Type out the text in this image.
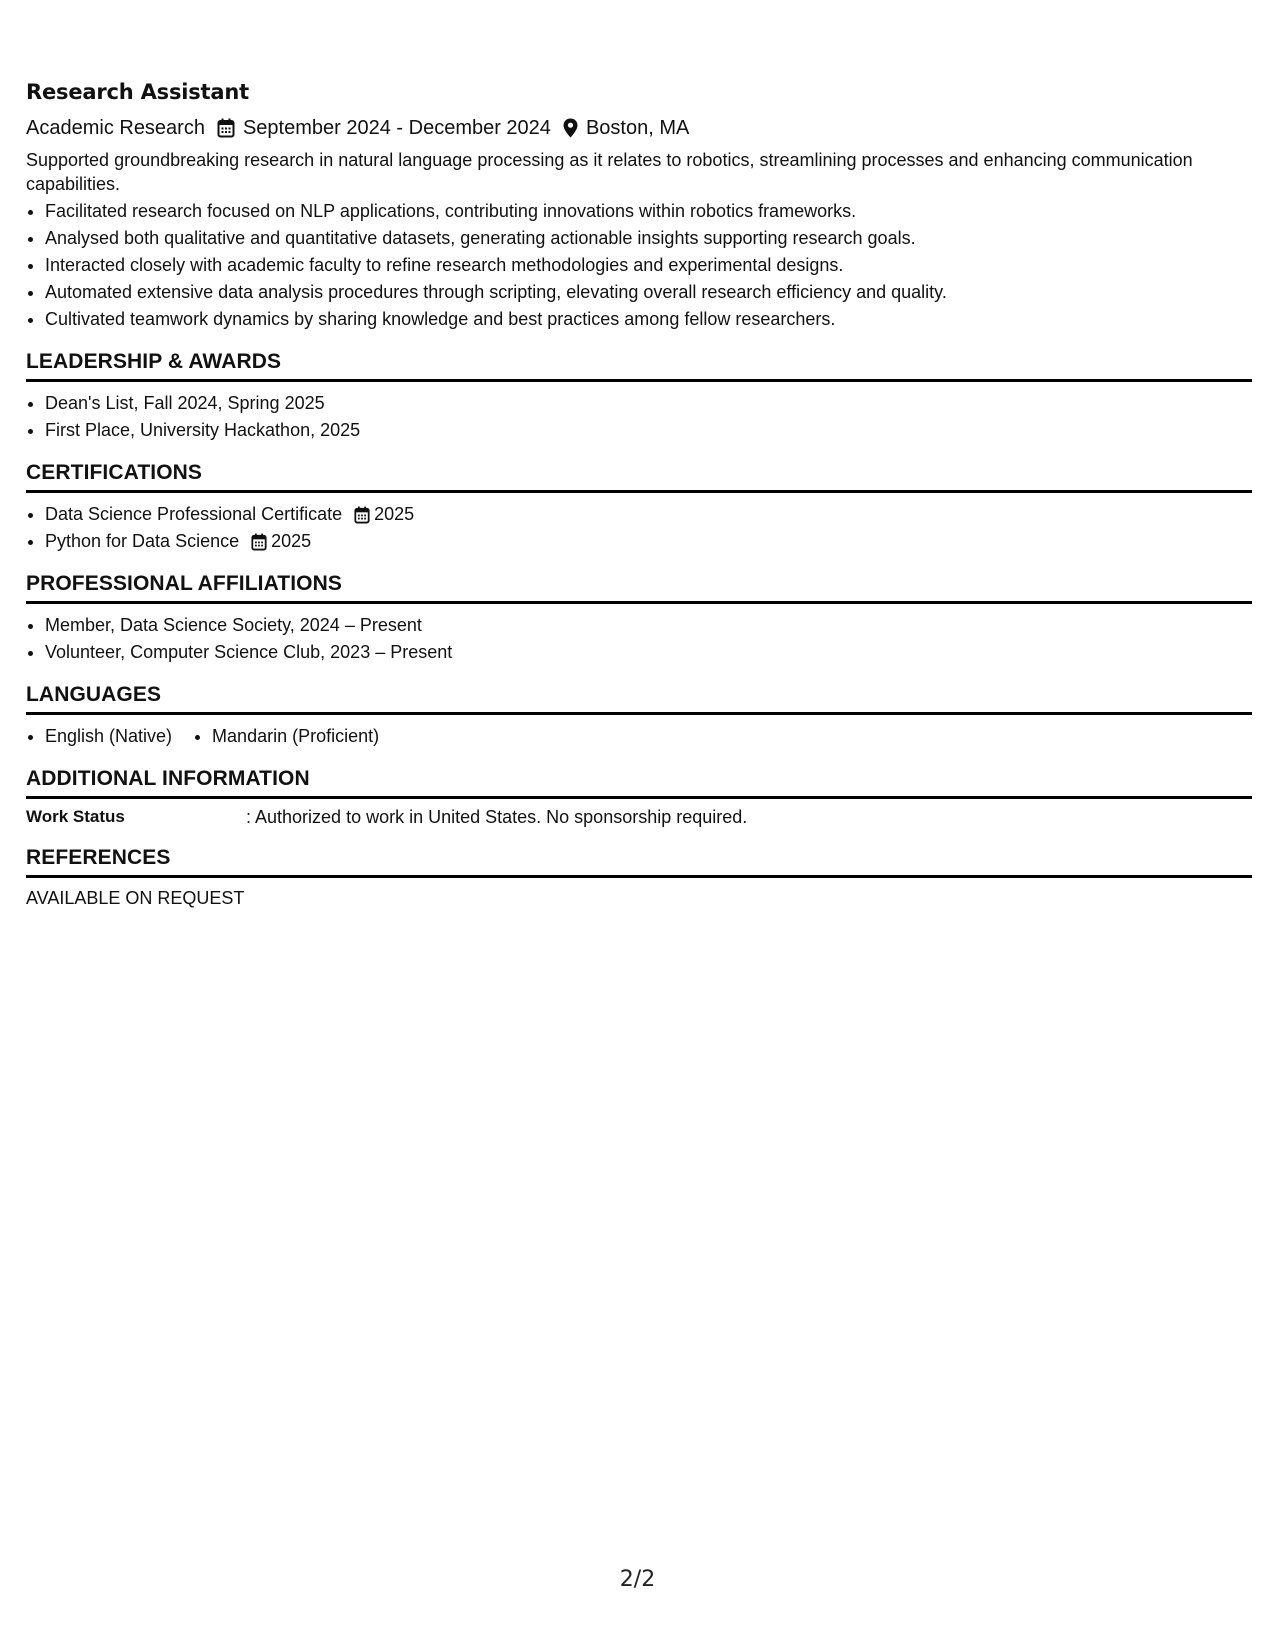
Research Assistant
Academic Research September 2024 - December 2024 Boston, MA

Supported groundbreaking research in natural language processing as it relates to robotics, streamlining processes and enhancing communication capabilities.

• Facilitated research focused on NLP applications, contributing innovations within robotics frameworks.
• Analysed both qualitative and quantitative datasets, generating actionable insights supporting research goals.
• Interacted closely with academic faculty to refine research methodologies and experimental designs.
• Automated extensive data analysis procedures through scripting, elevating overall research efficiency and quality.
• Cultivated teamwork dynamics by sharing knowledge and best practices among fellow researchers.
LEADERSHIP & AWARDS
• Dean's List, Fall 2024, Spring 2025
• First Place, University Hackathon, 2025
CERTIFICATIONS
• Data Science Professional Certificate 2025
• Python for Data Science 2025
PROFESSIONAL AFFILIATIONS
• Member, Data Science Society, 2024 – Present
• Volunteer, Computer Science Club, 2023 – Present
LANGUAGES
• English (Native)
• Mandarin (Proficient)
ADDITIONAL INFORMATION
Work Status	: Authorized to work in United States. No sponsorship required.
REFERENCES
AVAILABLE ON REQUEST
2/2
